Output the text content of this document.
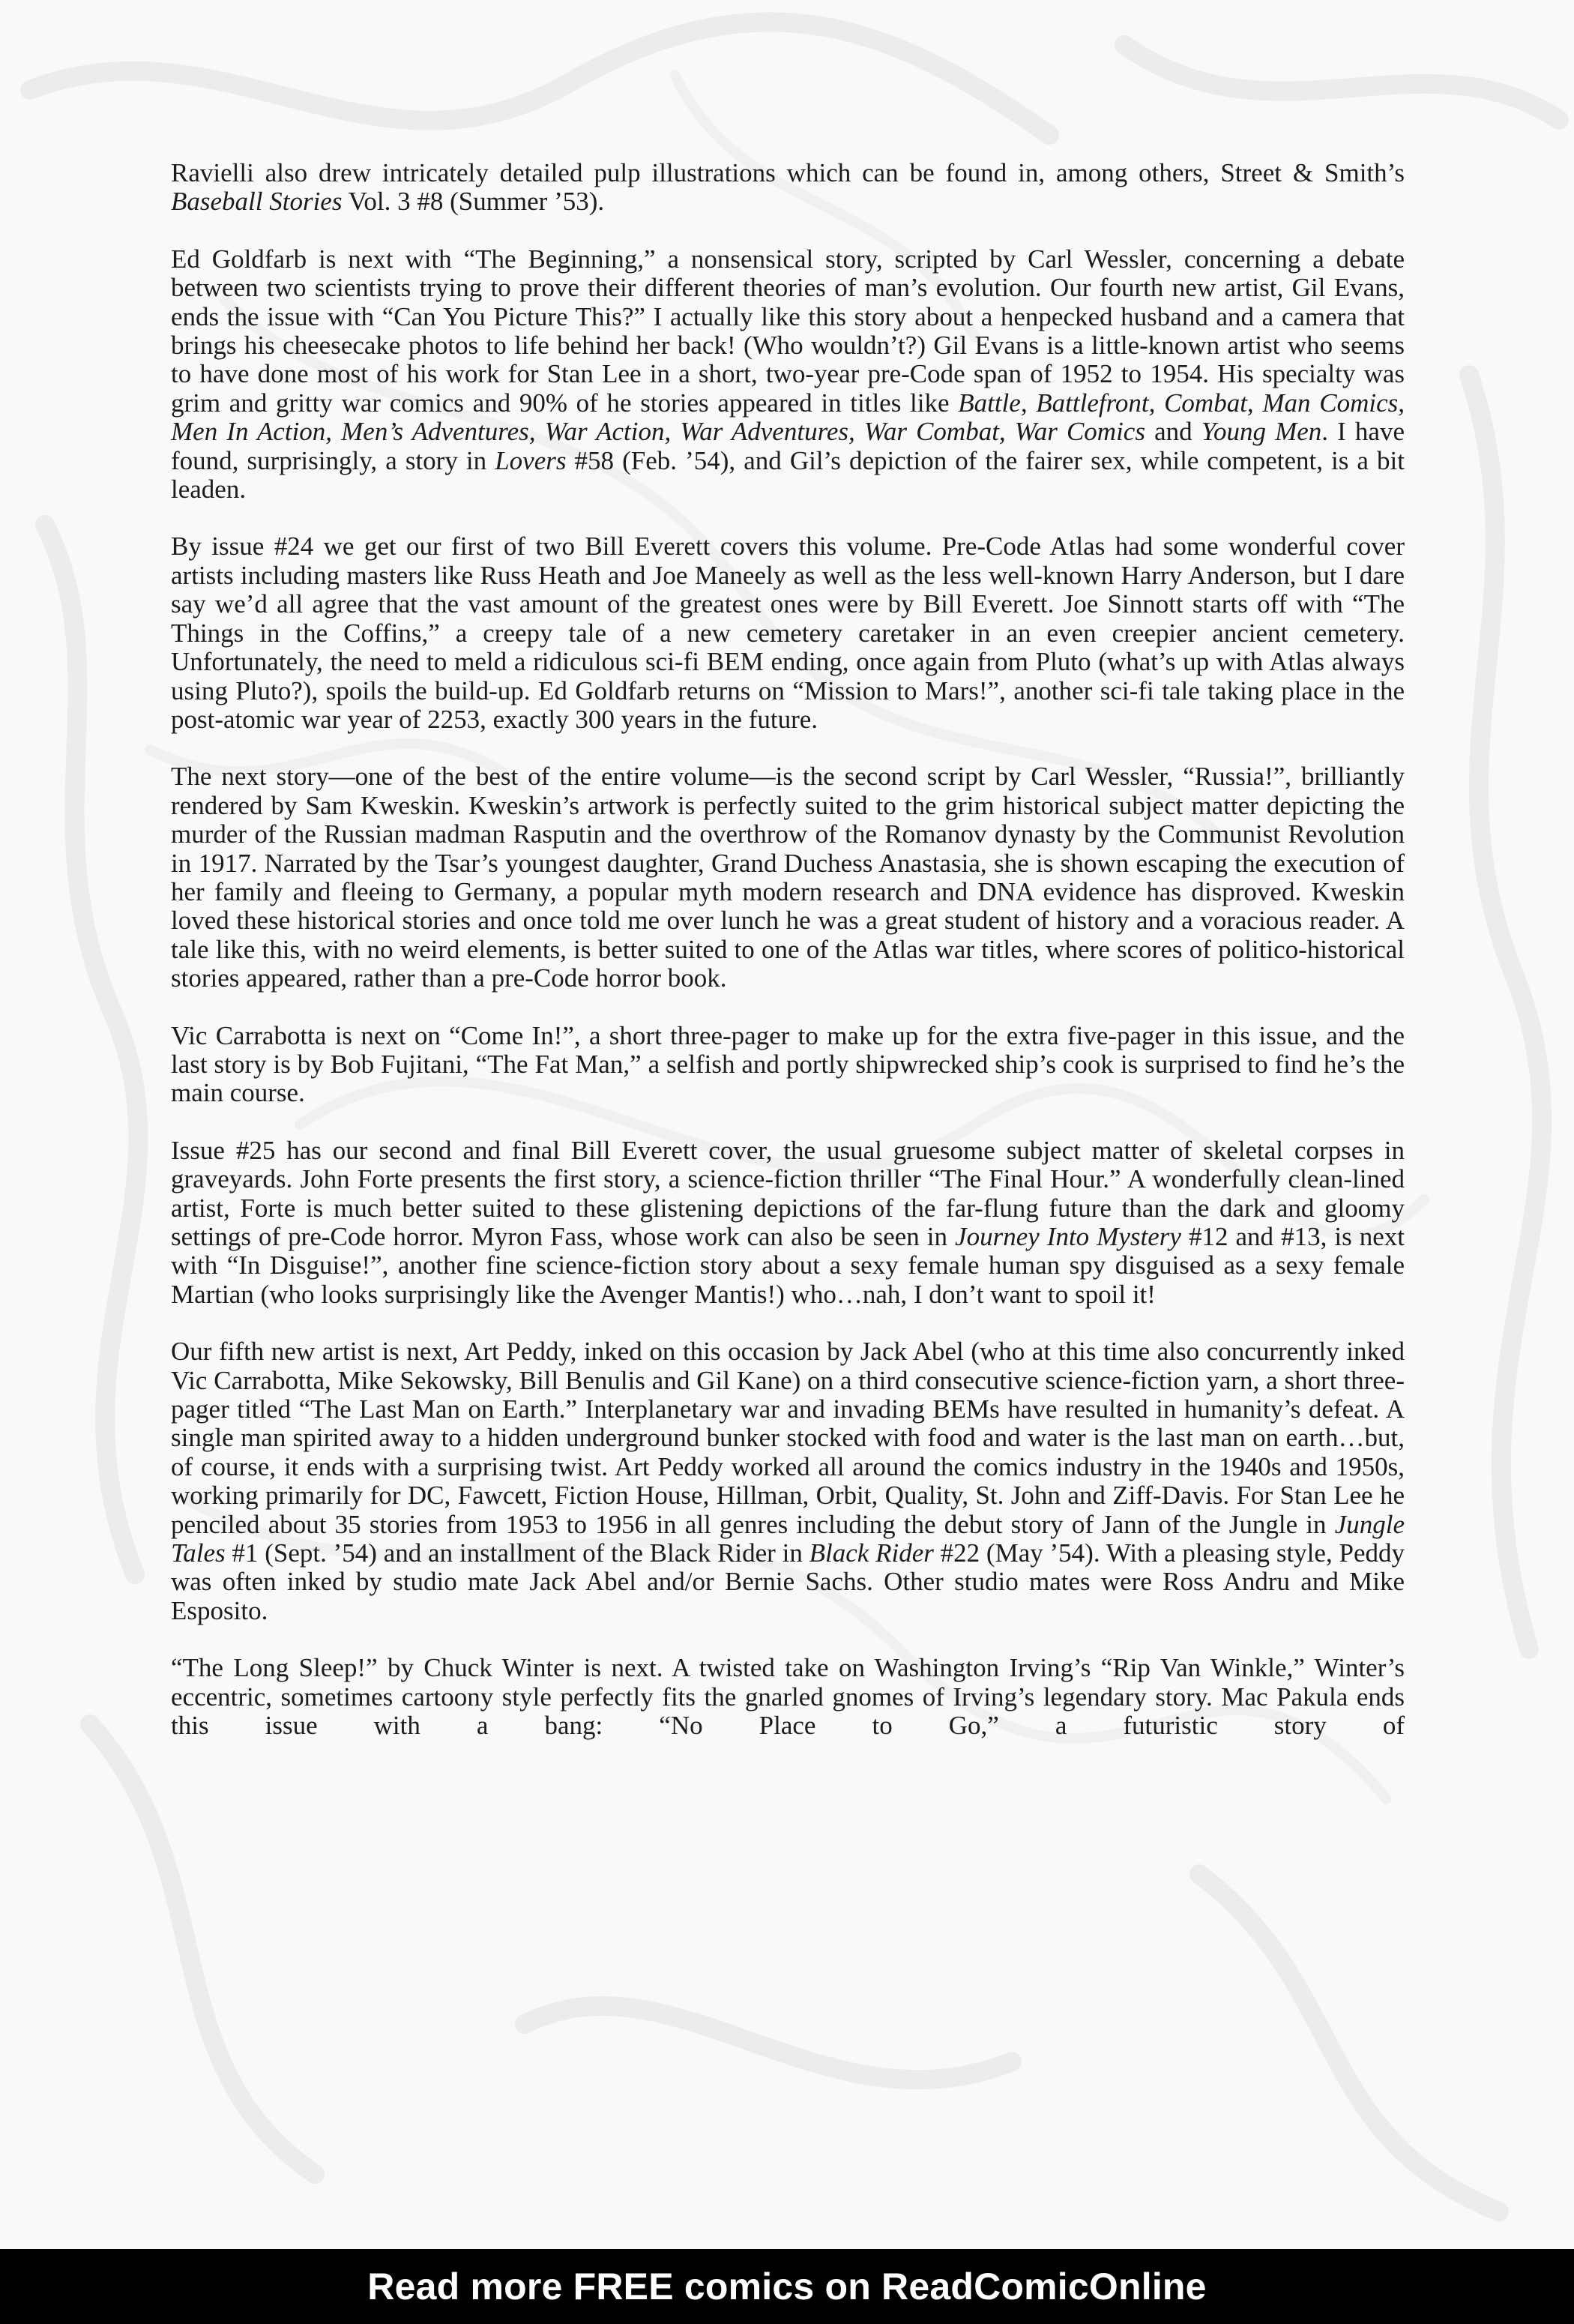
Ravielli also drew intricately detailed pulp illustrations which can be found in, among others, Street & Smith’s Baseball Stories Vol. 3 #8 (Summer ’53).

Ed Goldfarb is next with “The Beginning,” a nonsensical story, scripted by Carl Wessler, concerning a debate between two scientists trying to prove their different theories of man’s evolution. Our fourth new artist, Gil Evans, ends the issue with “Can You Picture This?” I actually like this story about a henpecked husband and a camera that brings his cheesecake photos to life behind her back! (Who wouldn’t?) Gil Evans is a little-known artist who seems to have done most of his work for Stan Lee in a short, two-year pre-Code span of 1952 to 1954. His specialty was grim and gritty war comics and 90% of he stories appeared in titles like Battle, Battlefront, Combat, Man Comics, Men In Action, Men’s Adventures, War Action, War Adventures, War Combat, War Comics and Young Men. I have found, surprisingly, a story in Lovers #58 (Feb. ’54), and Gil’s depiction of the fairer sex, while competent, is a bit leaden.

By issue #24 we get our first of two Bill Everett covers this volume. Pre-Code Atlas had some wonderful cover artists including masters like Russ Heath and Joe Maneely as well as the less well-known Harry Anderson, but I dare say we’d all agree that the vast amount of the greatest ones were by Bill Everett. Joe Sinnott starts off with “The Things in the Coffins,” a creepy tale of a new cemetery caretaker in an even creepier ancient cemetery. Unfortunately, the need to meld a ridiculous sci-fi BEM ending, once again from Pluto (what’s up with Atlas always using Pluto?), spoils the build-up. Ed Goldfarb returns on “Mission to Mars!”, another sci-fi tale taking place in the post-atomic war year of 2253, exactly 300 years in the future.

The next story—one of the best of the entire volume—is the second script by Carl Wessler, “Russia!”, brilliantly rendered by Sam Kweskin. Kweskin’s artwork is perfectly suited to the grim historical subject matter depicting the murder of the Russian madman Rasputin and the overthrow of the Romanov dynasty by the Communist Revolution in 1917. Narrated by the Tsar’s youngest daughter, Grand Duchess Anastasia, she is shown escaping the execution of her family and fleeing to Germany, a popular myth modern research and DNA evidence has disproved. Kweskin loved these historical stories and once told me over lunch he was a great student of history and a voracious reader. A tale like this, with no weird elements, is better suited to one of the Atlas war titles, where scores of politico-historical stories appeared, rather than a pre-Code horror book.

Vic Carrabotta is next on “Come In!”, a short three-pager to make up for the extra five-pager in this issue, and the last story is by Bob Fujitani, “The Fat Man,” a selfish and portly shipwrecked ship’s cook is surprised to find he’s the main course.

Issue #25 has our second and final Bill Everett cover, the usual gruesome subject matter of skeletal corpses in graveyards. John Forte presents the first story, a science-fiction thriller “The Final Hour.” A wonderfully clean-lined artist, Forte is much better suited to these glistening depictions of the far-flung future than the dark and gloomy settings of pre-Code horror. Myron Fass, whose work can also be seen in Journey Into Mystery #12 and #13, is next with “In Disguise!”, another fine science-fiction story about a sexy female human spy disguised as a sexy female Martian (who looks surprisingly like the Avenger Mantis!) who…nah, I don’t want to spoil it!

Our fifth new artist is next, Art Peddy, inked on this occasion by Jack Abel (who at this time also concurrently inked Vic Carrabotta, Mike Sekowsky, Bill Benulis and Gil Kane) on a third consecutive science-fiction yarn, a short three-pager titled “The Last Man on Earth.” Interplanetary war and invading BEMs have resulted in humanity’s defeat. A single man spirited away to a hidden underground bunker stocked with food and water is the last man on earth…but, of course, it ends with a surprising twist. Art Peddy worked all around the comics industry in the 1940s and 1950s, working primarily for DC, Fawcett, Fiction House, Hillman, Orbit, Quality, St. John and Ziff-Davis. For Stan Lee he penciled about 35 stories from 1953 to 1956 in all genres including the debut story of Jann of the Jungle in Jungle Tales #1 (Sept. ’54) and an installment of the Black Rider in Black Rider #22 (May ’54). With a pleasing style, Peddy was often inked by studio mate Jack Abel and/or Bernie Sachs. Other studio mates were Ross Andru and Mike Esposito.

“The Long Sleep!” by Chuck Winter is next. A twisted take on Washington Irving’s “Rip Van Winkle,” Winter’s eccentric, sometimes cartoony style perfectly fits the gnarled gnomes of Irving’s legendary story. Mac Pakula ends this issue with a bang: “No Place to Go,” a futuristic story of

Read more FREE comics on ReadComicOnline
